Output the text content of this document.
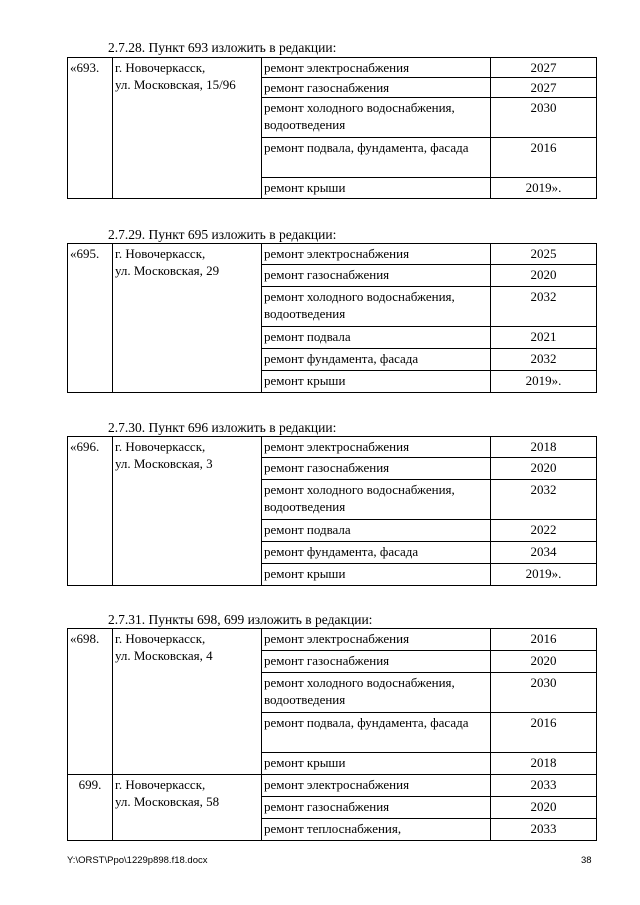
2.7.28. Пункт 693 изложить в редакции:
«693.	г. Новочеркасск,
ул. Московская, 15/96	ремонт электроснабжения	2027
		ремонт газоснабжения	2027
		ремонт холодного водоснабжения, водоотведения	2030
		ремонт подвала, фундамента, фасада	2016
		ремонт крыши	2019».
2.7.29. Пункт 695 изложить в редакции:
«695.	г. Новочеркасск,
ул. Московская, 29	ремонт электроснабжения	2025
		ремонт газоснабжения	2020
		ремонт холодного водоснабжения, водоотведения	2032
		ремонт подвала	2021
		ремонт фундамента, фасада	2032
		ремонт крыши	2019».
2.7.30. Пункт 696 изложить в редакции:
«696.	г. Новочеркасск,
ул. Московская, 3	ремонт электроснабжения	2018
		ремонт газоснабжения	2020
		ремонт холодного водоснабжения, водоотведения	2032
		ремонт подвала	2022
		ремонт фундамента, фасада	2034
		ремонт крыши	2019».
2.7.31. Пункты 698, 699 изложить в редакции:
«698.	г. Новочеркасск,
ул. Московская, 4	ремонт электроснабжения	2016
		ремонт газоснабжения	2020
		ремонт холодного водоснабжения, водоотведения	2030
		ремонт подвала, фундамента, фасада	2016
		ремонт крыши	2018
699.	г. Новочеркасск,
ул. Московская, 58	ремонт электроснабжения	2033
		ремонт газоснабжения	2020
		ремонт теплоснабжения,	2033
Y:\ORST\Ppo\1229p898.f18.docx	38
